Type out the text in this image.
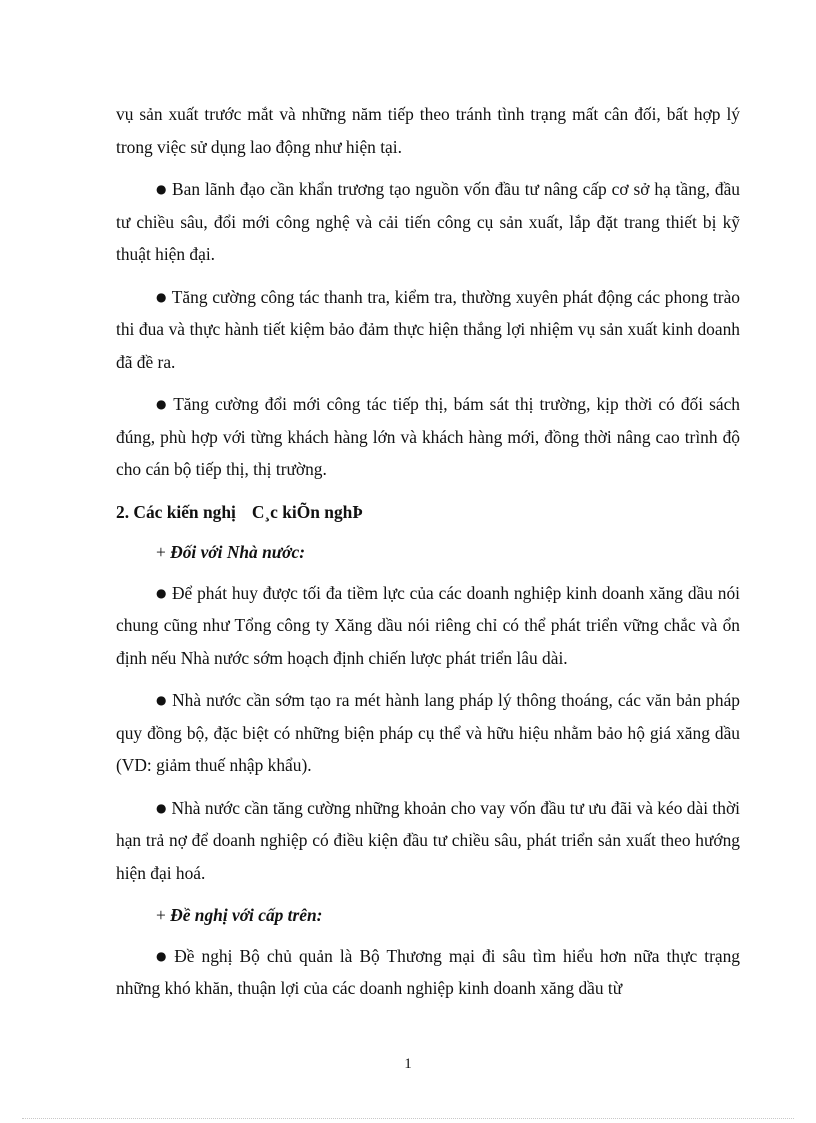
vụ sản xuất trước mắt và những năm tiếp theo tránh tình trạng mất cân đối, bất hợp lý trong việc sử dụng lao động như hiện tại.

● Ban lãnh đạo cần khẩn trương tạo nguồn vốn đầu tư nâng cấp cơ sở hạ tầng, đầu tư chiều sâu, đổi mới công nghệ và cải tiến công cụ sản xuất, lắp đặt trang thiết bị kỹ thuật hiện đại.

● Tăng cường công tác thanh tra, kiểm tra, thường xuyên phát động các phong trào thi đua và thực hành tiết kiệm bảo đảm thực hiện thắng lợi nhiệm vụ sản xuất kinh doanh đã đề ra.

● Tăng cường đổi mới công tác tiếp thị, bám sát thị trường, kịp thời có đối sách đúng, phù hợp với từng khách hàng lớn và khách hàng mới, đồng thời nâng cao trình độ cho cán bộ tiếp thị, thị trường.

2. Các kiến nghị C¸c kiÕn nghÞ

+ Đối với Nhà nước:

● Để phát huy được tối đa tiềm lực của các doanh nghiệp kinh doanh xăng dầu nói chung cũng như Tổng công ty Xăng dầu nói riêng chỉ có thể phát triển vững chắc và ổn định nếu Nhà nước sớm hoạch định chiến lược phát triển lâu dài.

● Nhà nước cần sớm tạo ra mét hành lang pháp lý thông thoáng, các văn bản pháp quy đồng bộ, đặc biệt có những biện pháp cụ thể và hữu hiệu nhằm bảo hộ giá xăng dầu (VD: giảm thuế nhập khẩu).

● Nhà nước cần tăng cường những khoản cho vay vốn đầu tư ưu đãi và kéo dài thời hạn trả nợ để doanh nghiệp có điều kiện đầu tư chiều sâu, phát triển sản xuất theo hướng hiện đại hoá.

+ Đề nghị với cấp trên:

● Đề nghị Bộ chủ quản là Bộ Thương mại đi sâu tìm hiểu hơn nữa thực trạng những khó khăn, thuận lợi của các doanh nghiệp kinh doanh xăng dầu từ

1
